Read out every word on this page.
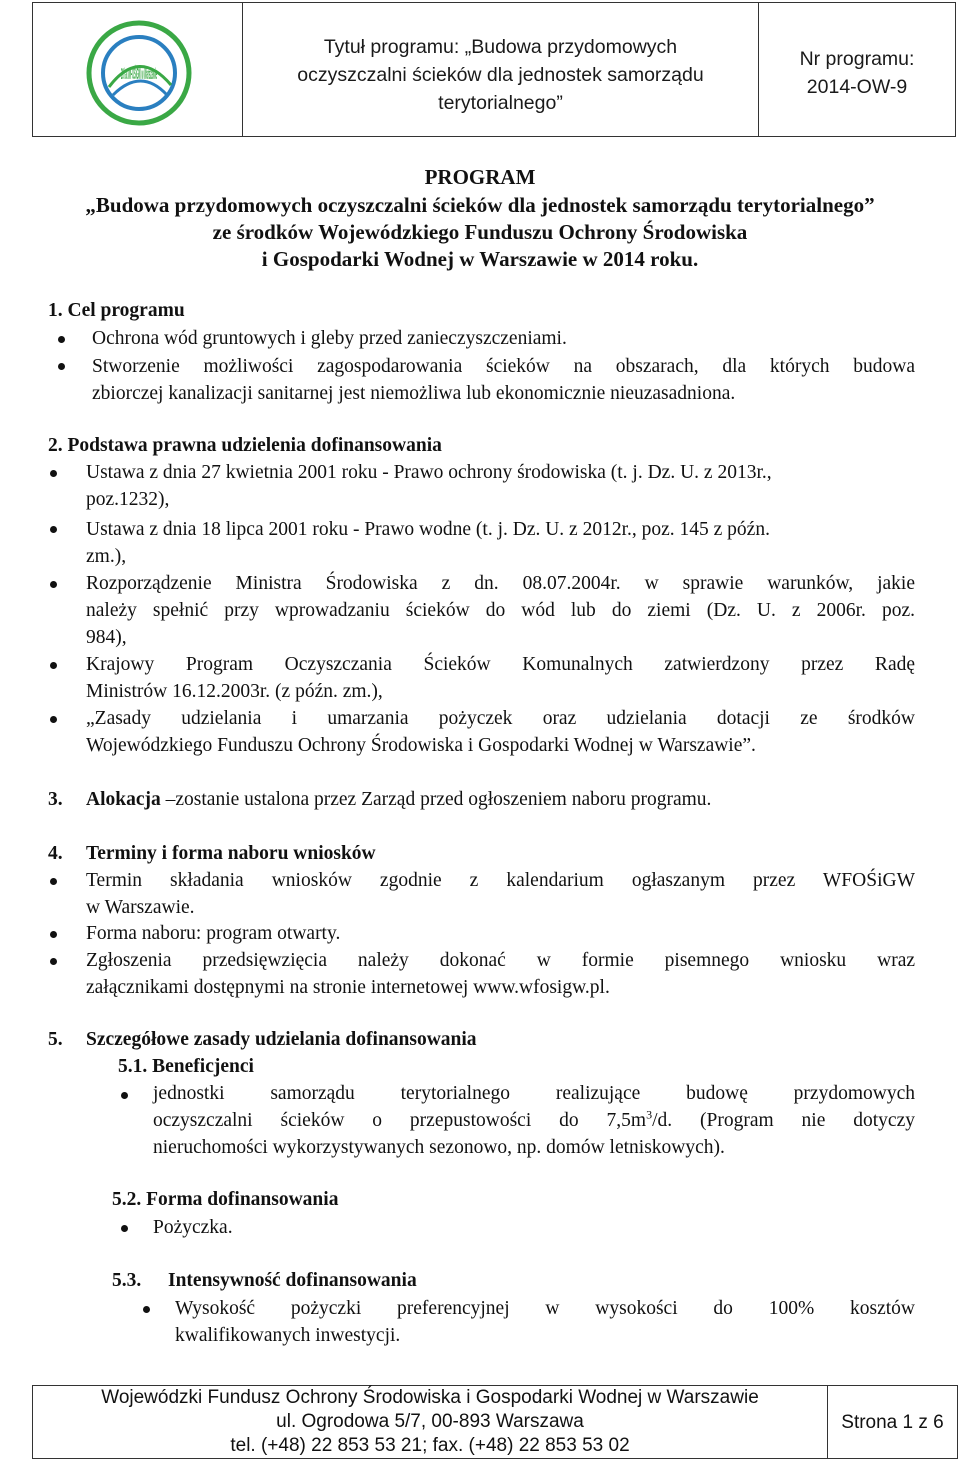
20 lat WFOŚiGW w Warszawie
Tytuł programu: „Budowa przydomowych
oczyszczalni ścieków dla jednostek samorządu
terytorialnego”
Nr programu:
2014-OW-9
PROGRAM
„Budowa przydomowych oczyszczalni ścieków dla jednostek samorządu terytorialnego”
ze środków Wojewódzkiego Funduszu Ochrony Środowiska
i Gospodarki Wodnej w Warszawie w 2014 roku.
1. Cel programu
Ochrona wód gruntowych i gleby przed zanieczyszczeniami.
Stworzenie możliwości zagospodarowania ścieków na obszarach, dla których budowa
zbiorczej kanalizacji sanitarnej jest niemożliwa lub ekonomicznie nieuzasadniona.
2. Podstawa prawna udzielenia dofinansowania
Ustawa z dnia 27 kwietnia 2001 roku - Prawo ochrony środowiska (t. j. Dz. U. z 2013r.,
poz.1232),
Ustawa z dnia 18 lipca 2001 roku - Prawo wodne (t. j. Dz. U. z 2012r., poz. 145 z późn.
zm.),
Rozporządzenie Ministra Środowiska z dn. 08.07.2004r. w sprawie warunków, jakie
należy spełnić przy wprowadzaniu ścieków do wód lub do ziemi (Dz. U. z 2006r. poz.
984),
Krajowy Program Oczyszczania Ścieków Komunalnych zatwierdzony przez Radę
Ministrów 16.12.2003r. (z późn. zm.),
„Zasady udzielania i umarzania pożyczek oraz udzielania dotacji ze środków
Wojewódzkiego Funduszu Ochrony Środowiska i Gospodarki Wodnej w Warszawie”.
3. Alokacja –zostanie ustalona przez Zarząd przed ogłoszeniem naboru programu.
4. Terminy i forma naboru wniosków
Termin składania wniosków zgodnie z kalendarium ogłaszanym przez WFOŚiGW
w Warszawie.
Forma naboru: program otwarty.
Zgłoszenia przedsięwzięcia należy dokonać w formie pisemnego wniosku wraz
załącznikami dostępnymi na stronie internetowej www.wfosigw.pl.
5. Szczegółowe zasady udzielania dofinansowania
5.1. Beneficjenci
jednostki samorządu terytorialnego realizujące budowę przydomowych
oczyszczalni ścieków o przepustowości do $7,5m^3/d$. (Program nie dotyczy
nieruchomości wykorzystywanych sezonowo, np. domów letniskowych).
5.2. Forma dofinansowania
Pożyczka.
5.3. Intensywność dofinansowania
Wysokość pożyczki preferencyjnej w wysokości do 100% kosztów
kwalifikowanych inwestycji.
Wojewódzki Fundusz Ochrony Środowiska i Gospodarki Wodnej w Warszawie
ul. Ogrodowa 5/7, 00-893 Warszawa
tel. (+48) 22 853 53 21; fax. (+48) 22 853 53 02
Strona 1 z 6
